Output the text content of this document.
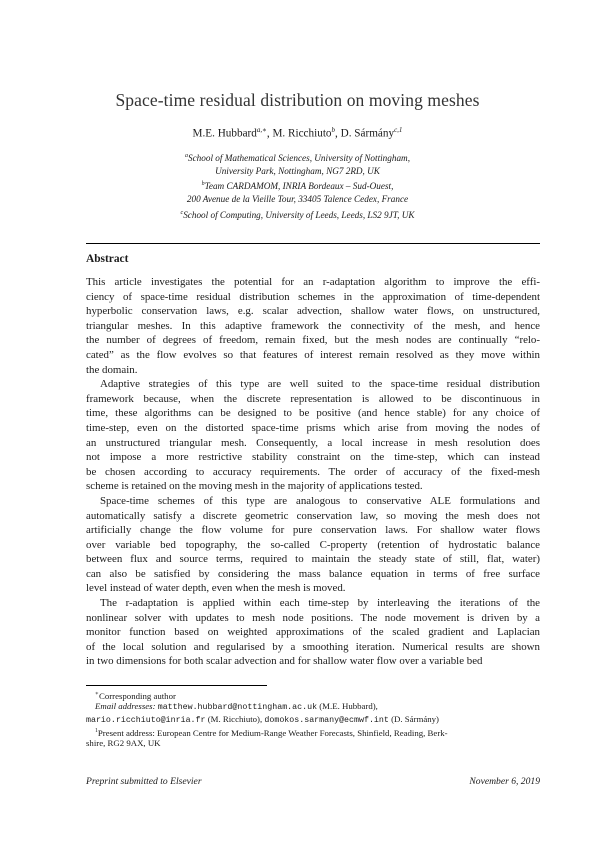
Space-time residual distribution on moving meshes
M.E. Hubbard$^{a,∗}$, M. Ricchiuto$^b$, D. Sármány$^{c,1}$
$^a$School of Mathematical Sciences, University of Nottingham,
University Park, Nottingham, NG7 2RD, UK
$^b$Team CARDAMOM, INRIA Bordeaux – Sud-Ouest,
200 Avenue de la Vieille Tour, 33405 Talence Cedex, France
$^c$School of Computing, University of Leeds, Leeds, LS2 9JT, UK
Abstract
This article investigates the potential for an r-adaptation algorithm to improve the effi-
ciency of space-time residual distribution schemes in the approximation of time-dependent
hyperbolic conservation laws, e.g. scalar advection, shallow water flows, on unstructured,
triangular meshes. In this adaptive framework the connectivity of the mesh, and hence
the number of degrees of freedom, remain fixed, but the mesh nodes are continually “relo-
cated” as the flow evolves so that features of interest remain resolved as they move within
the domain.
Adaptive strategies of this type are well suited to the space-time residual distribution
framework because, when the discrete representation is allowed to be discontinuous in
time, these algorithms can be designed to be positive (and hence stable) for any choice of
time-step, even on the distorted space-time prisms which arise from moving the nodes of
an unstructured triangular mesh. Consequently, a local increase in mesh resolution does
not impose a more restrictive stability constraint on the time-step, which can instead
be chosen according to accuracy requirements. The order of accuracy of the fixed-mesh
scheme is retained on the moving mesh in the majority of applications tested.
Space-time schemes of this type are analogous to conservative ALE formulations and
automatically satisfy a discrete geometric conservation law, so moving the mesh does not
artificially change the flow volume for pure conservation laws. For shallow water flows
over variable bed topography, the so-called C-property (retention of hydrostatic balance
between flux and source terms, required to maintain the steady state of still, flat, water)
can also be satisfied by considering the mass balance equation in terms of free surface
level instead of water depth, even when the mesh is moved.
The r-adaptation is applied within each time-step by interleaving the iterations of the
nonlinear solver with updates to mesh node positions. The node movement is driven by a
monitor function based on weighted approximations of the scaled gradient and Laplacian
of the local solution and regularised by a smoothing iteration. Numerical results are shown
in two dimensions for both scalar advection and for shallow water flow over a variable bed
∗Corresponding author
Email addresses: matthew.hubbard@nottingham.ac.uk (M.E. Hubbard),
mario.ricchiuto@inria.fr (M. Ricchiuto), domokos.sarmany@ecmwf.int (D. Sármány)
$^1$Present address: European Centre for Medium-Range Weather Forecasts, Shinfield, Reading, Berk-
shire, RG2 9AX, UK
Preprint submitted to Elsevier	November 6, 2019
